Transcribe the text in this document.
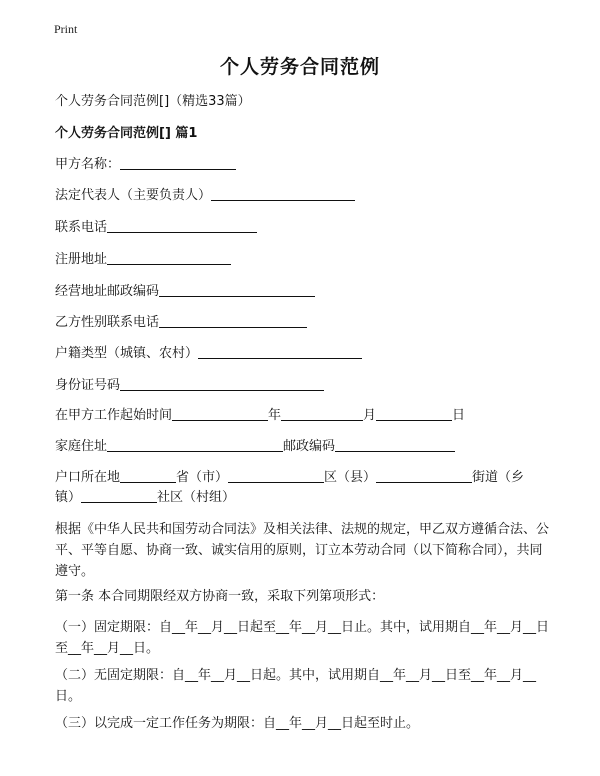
Print
个人劳务合同范例
个人劳务合同范例[]（精选33篇）
个人劳务合同范例[] 篇1
甲方名称：
法定代表人（主要负责人）
联系电话
注册地址
经营地址邮政编码
乙方性别联系电话
户籍类型（城镇、农村）
身份证号码
在甲方工作起始时间	年	月	日
家庭住址	邮政编码
户口所在地	省（市）	区（县）	街道（乡
镇）	社区（村组）
根据《中华人民共和国劳动合同法》及相关法律、法规的规定，甲乙双方遵循合法、公平、平等自愿、协商一致、诚实信用的原则，订立本劳动合同（以下简称合同），共同遵守。
第一条 本合同期限经双方协商一致，采取下列第项形式：
（一）固定期限：自__年__月__日起至__年__月__日止。其中，试用期自__年__月__日至__年__月__日。
（二）无固定期限：自__年__月__日起。其中，试用期自__年__月__日至__年__月__日。
（三）以完成一定工作任务为期限：自__年__月__日起至时止。
